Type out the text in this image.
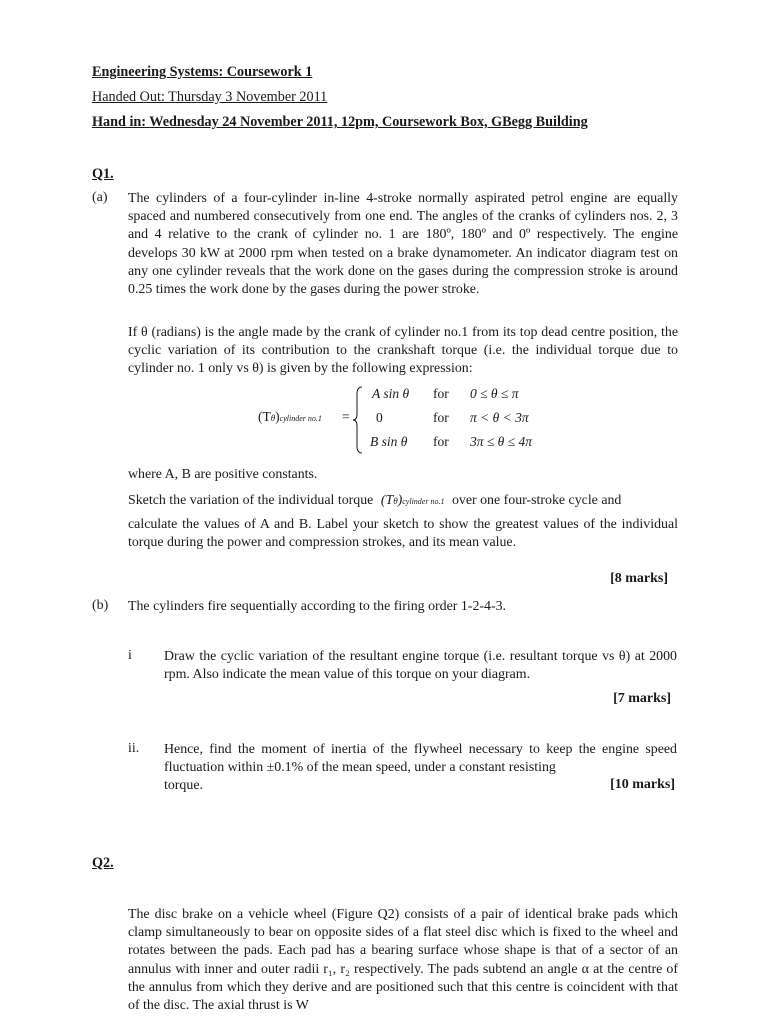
Engineering Systems: Coursework 1
Handed Out: Thursday 3 November 2011
Hand in: Wednesday 24 November 2011, 12pm, Coursework Box, GBegg Building
Q1.
(a) The cylinders of a four-cylinder in-line 4-stroke normally aspirated petrol engine are equally spaced and numbered consecutively from one end. The angles of the cranks of cylinders nos. 2, 3 and 4 relative to the crank of cylinder no. 1 are 180º, 180º and 0º respectively. The engine develops 30 kW at 2000 rpm when tested on a brake dynamometer. An indicator diagram test on any one cylinder reveals that the work done on the gases during the compression stroke is around 0.25 times the work done by the gases during the power stroke.
If θ (radians) is the angle made by the crank of cylinder no.1 from its top dead centre position, the cyclic variation of its contribution to the crankshaft torque (i.e. the individual torque due to cylinder no. 1 only vs θ) is given by the following expression:
(Tθ)cylinder no.1 =
A sin θ for 0 ≤ θ ≤ π
0	for π < θ < 3π
B sin θ for 3π ≤ θ ≤ 4π
where A, B are positive constants.
Sketch the variation of the individual torque (Tθ)cylinder no.1 over one four-stroke cycle and
calculate the values of A and B. Label your sketch to show the greatest values of the individual torque during the power and compression strokes, and its mean value.
[8 marks]
(b) The cylinders fire sequentially according to the firing order 1-2-4-3.
i Draw the cyclic variation of the resultant engine torque (i.e. resultant torque vs θ) at 2000 rpm. Also indicate the mean value of this torque on your diagram.
[7 marks]
ii. Hence, find the moment of inertia of the flywheel necessary to keep the engine speed fluctuation within ±0.1% of the mean speed, under a constant resisting
torque.	[10 marks]
Q2.
The disc brake on a vehicle wheel (Figure Q2) consists of a pair of identical brake pads which clamp simultaneously to bear on opposite sides of a flat steel disc which is fixed to the wheel and rotates between the pads. Each pad has a bearing surface whose shape is that of a sector of an annulus with inner and outer radii r₁, r₂ respectively. The pads subtend an angle α at the centre of the annulus from which they derive and are positioned such that this centre is coincident with that of the disc. The axial thrust is W
